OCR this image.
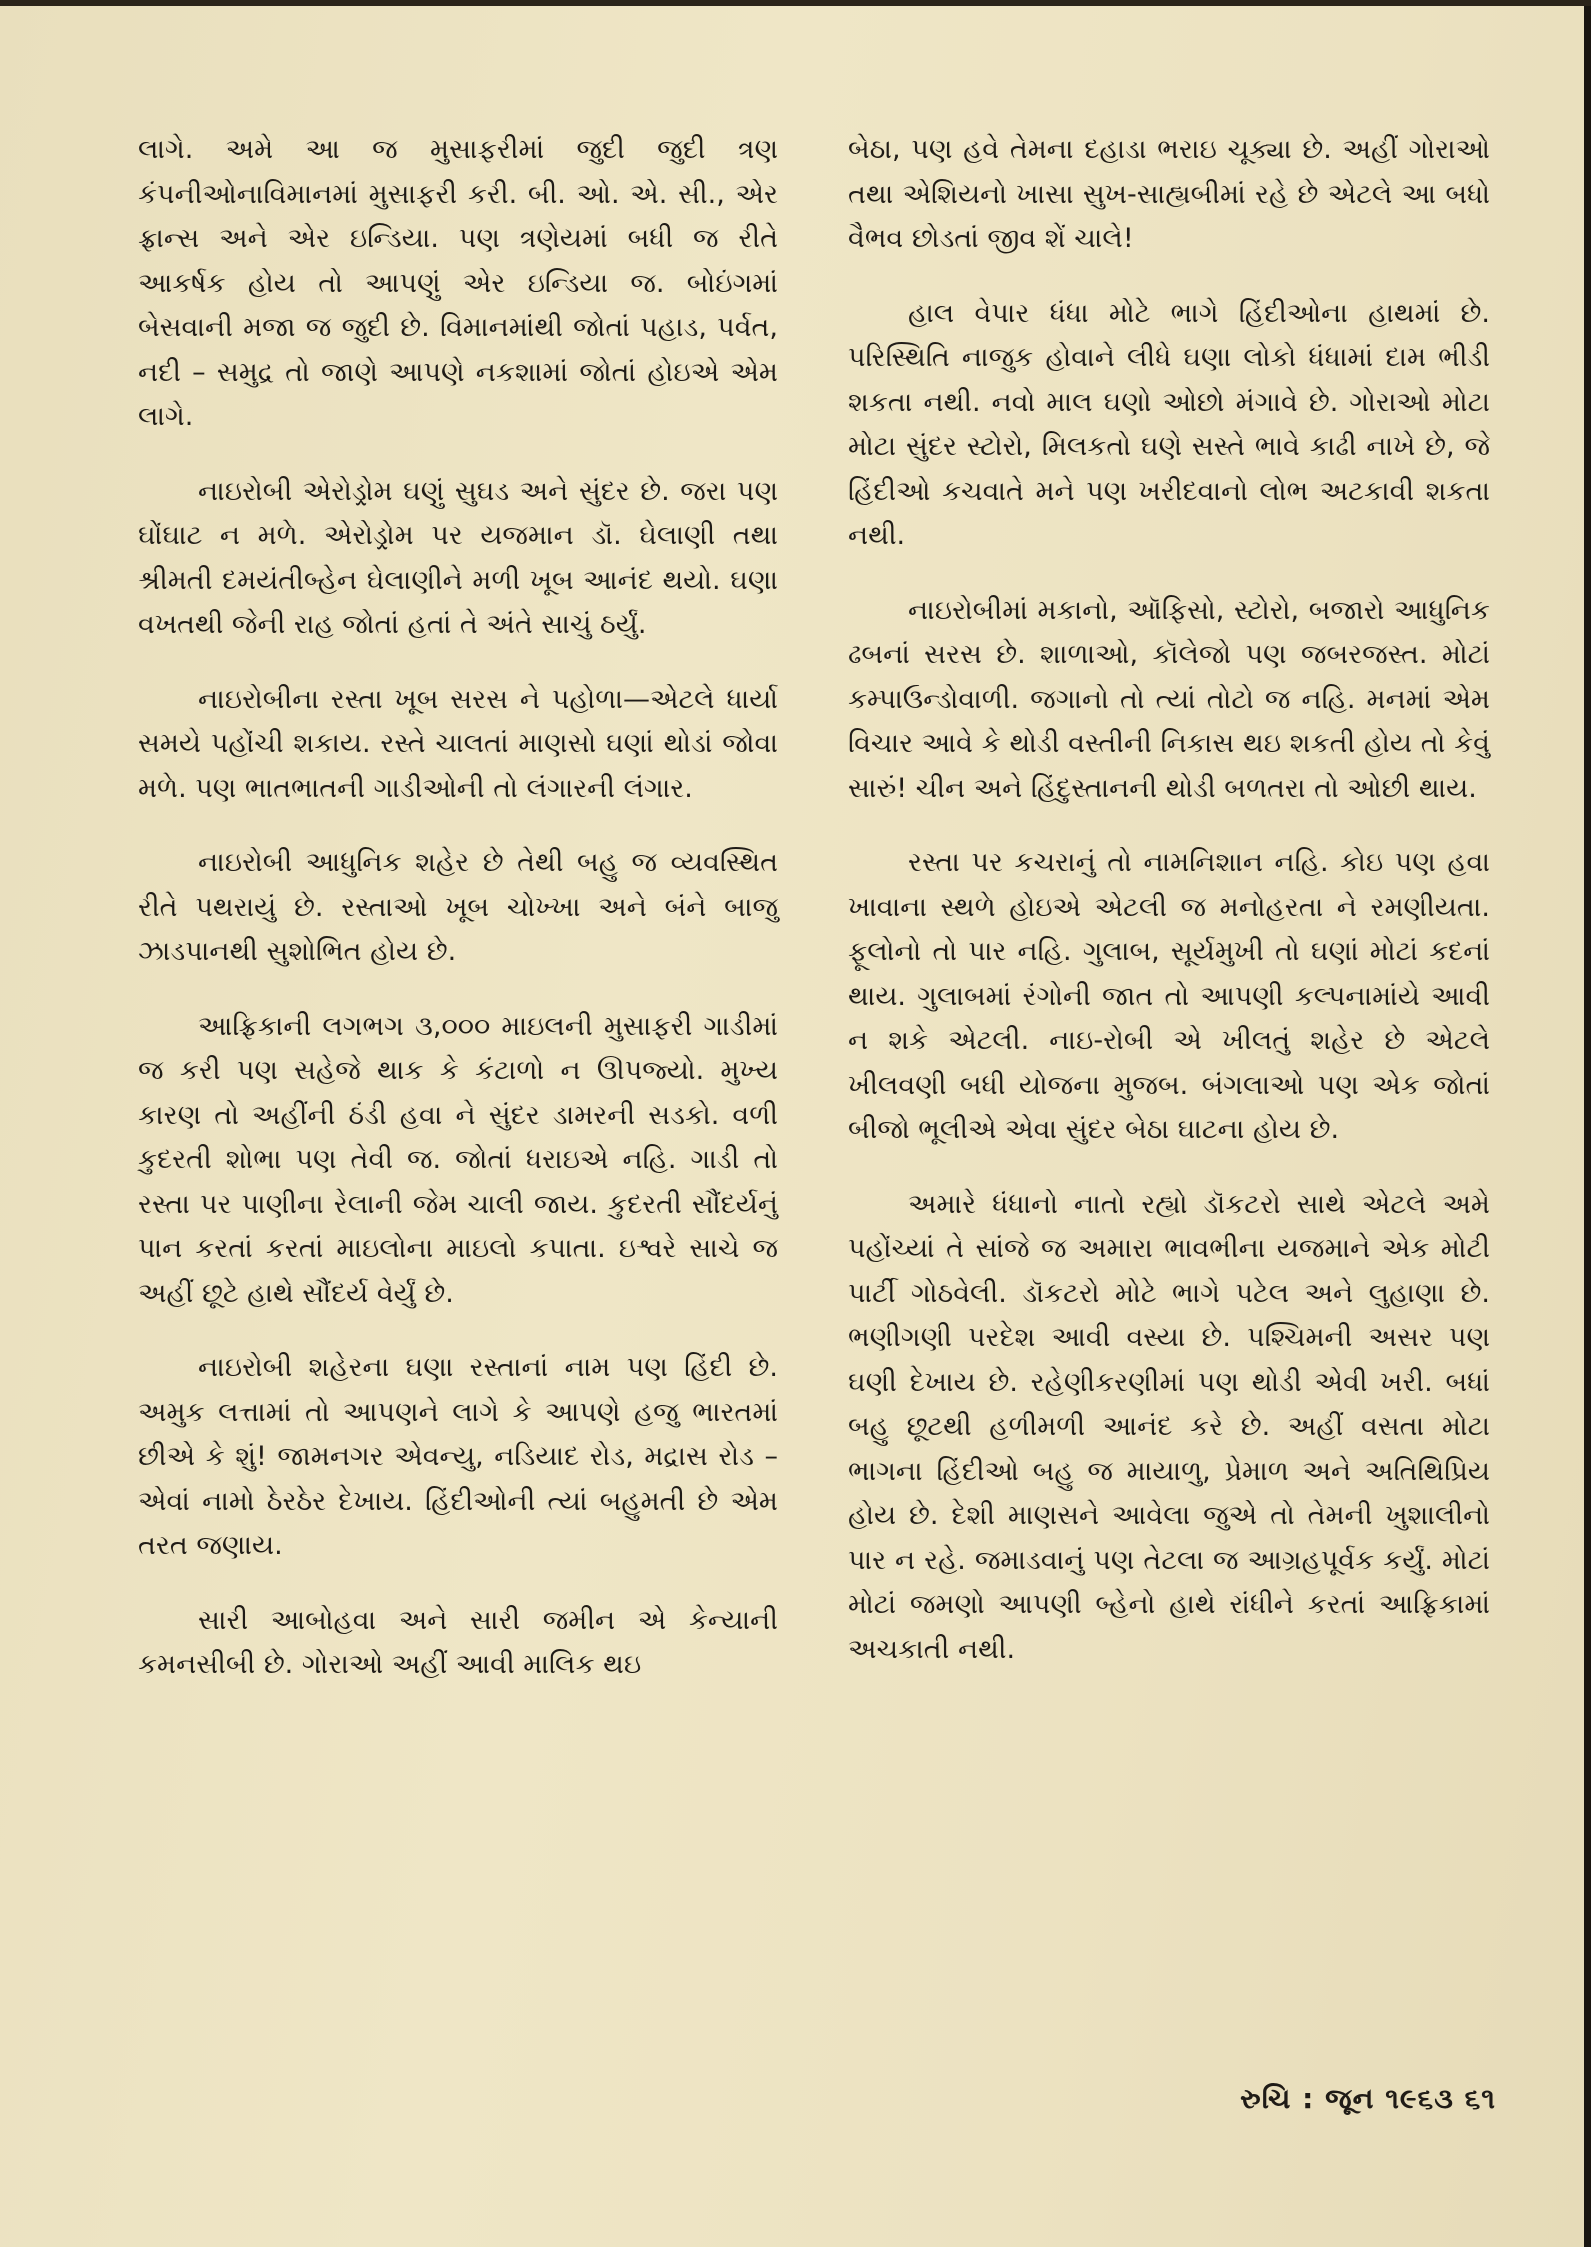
લાગે. અમે આ જ મુસાફરીમાં જુદી જુદી ત્રણ કંપનીઓનાવિમાનમાં મુસાફરી કરી. બી. ઓ. એ. સી., એર ફ્રાન્સ અને એર ઇન્ડિયા. પણ ત્રણેયમાં બધી જ રીતે આકર્ષક હોય તો આપણું એર ઇન્ડિયા જ. બોઇંગમાં બેસવાની મજા જ જુદી છે. વિમાનમાંથી જોતાં પહાડ, પર્વત, નદી – સમુદ્ર તો જાણે આપણે નકશામાં જોતાં હોઇએ એમ લાગે.

નાઇરોબી એરોડ્રોમ ઘણું સુઘડ અને સુંદર છે. જરા પણ ઘોંઘાટ ન મળે. એરોડ્રોમ પર યજમાન ડૉ. ઘેલાણી તથા શ્રીમતી દમયંતીબ્હેન ઘેલાણીને મળી ખૂબ આનંદ થયો. ઘણા વખતથી જેની રાહ જોતાં હતાં તે અંતે સાચું ઠર્યું.

નાઇરોબીના રસ્તા ખૂબ સરસ ને પહોળા—એટલે ધાર્યા સમયે પહોંચી શકાય. રસ્તે ચાલતાં માણસો ઘણાં થોડાં જોવા મળે. પણ ભાતભાતની ગાડીઓની તો લંગારની લંગાર.

નાઇરોબી આધુનિક શહેર છે તેથી બહુ જ વ્યવસ્થિત રીતે પથરાયું છે. રસ્તાઓ ખૂબ ચોખ્ખા અને બંને બાજુ ઝાડપાનથી સુશોભિત હોય છે.

આફ્રિકાની લગભગ ૩,૦૦૦ માઇલની મુસાફરી ગાડીમાં જ કરી પણ સહેજે થાક કે કંટાળો ન ઊપજ્યો. મુખ્ય કારણ તો અહીંની ઠંડી હવા ને સુંદર ડામરની સડકો. વળી કુદરતી શોભા પણ તેવી જ. જોતાં ધરાઇએ નહિ. ગાડી તો રસ્તા પર પાણીના રેલાની જેમ ચાલી જાય. કુદરતી સૌંદર્યનું પાન કરતાં કરતાં માઇલોના માઇલો કપાતા. ઇશ્વરે સાચે જ અહીં છૂટે હાથે સૌંદર્ય વેર્યું છે.

નાઇરોબી શહેરના ઘણા રસ્તાનાં નામ પણ હિંદી છે. અમુક લત્તામાં તો આપણને લાગે કે આપણે હજુ ભારતમાં છીએ કે શું! જામનગર એવન્યુ, નડિયાદ રોડ, મદ્રાસ રોડ – એવાં નામો ઠેરઠેર દેખાય. હિંદીઓની ત્યાં બહુમતી છે એમ તરત જણાય.

સારી આબોહવા અને સારી જમીન એ કેન્યાની કમનસીબી છે. ગોરાઓ અહીં આવી માલિક થઇ

બેઠા, પણ હવે તેમના દહાડા ભરાઇ ચૂક્યા છે. અહીં ગોરાઓ તથા એશિયનો ખાસા સુખ-સાહ્યબીમાં રહે છે એટલે આ બધો વૈભવ છોડતાં જીવ શેં ચાલે!

હાલ વેપાર ધંધા મોટે ભાગે હિંદીઓના હાથમાં છે. પરિસ્થિતિ નાજુક હોવાને લીધે ઘણા લોકો ધંધામાં દામ ભીડી શકતા નથી. નવો માલ ઘણો ઓછો મંગાવે છે. ગોરાઓ મોટા મોટા સુંદર સ્ટોરો, મિલકતો ઘણે સસ્તે ભાવે કાઢી નાખે છે, જે હિંદીઓ કચવાતે મને પણ ખરીદવાનો લોભ અટકાવી શકતા નથી.

નાઇરોબીમાં મકાનો, ઑફિસો, સ્ટોરો, બજારો આધુનિક ઢબનાં સરસ છે. શાળાઓ, કૉલેજો પણ જબરજસ્ત. મોટાં કમ્પાઉન્ડોવાળી. જગાનો તો ત્યાં તોટો જ નહિ. મનમાં એમ વિચાર આવે કે થોડી વસ્તીની નિકાસ થઇ શકતી હોય તો કેવું સારું! ચીન અને હિંદુસ્તાનની થોડી બળતરા તો ઓછી થાય.

રસ્તા પર કચરાનું તો નામનિશાન નહિ. કોઇ પણ હવા ખાવાના સ્થળે હોઇએ એટલી જ મનોહરતા ને રમણીયતા. ફૂલોનો તો પાર નહિ. ગુલાબ, સૂર્યમુખી તો ઘણાં મોટાં કદનાં થાય. ગુલાબમાં રંગોની જાત તો આપણી કલ્પનામાંયે આવી ન શકે એટલી. નાઇ-રોબી એ ખીલતું શહેર છે એટલે ખીલવણી બધી યોજના મુજબ. બંગલાઓ પણ એક જોતાં બીજો ભૂલીએ એવા સુંદર બેઠા ઘાટના હોય છે.

અમારે ધંધાનો નાતો રહ્યો ડૉકટરો સાથે એટલે અમે પહોંચ્યાં તે સાંજે જ અમારા ભાવભીના યજમાને એક મોટી પાર્ટી ગોઠવેલી. ડૉકટરો મોટે ભાગે પટેલ અને લુહાણા છે. ભણીગણી પરદેશ આવી વસ્યા છે. પશ્ચિમની અસર પણ ઘણી દેખાય છે. રહેણીકરણીમાં પણ થોડી એવી ખરી. બધાં બહુ છૂટથી હળીમળી આનંદ કરે છે. અહીં વસતા મોટા ભાગના હિંદીઓ બહુ જ માયાળુ, પ્રેમાળ અને અતિથિપ્રિય હોય છે. દેશી માણસને આવેલા જુએ તો તેમની ખુશાલીનો પાર ન રહે. જમાડવાનું પણ તેટલા જ આગ્રહપૂર્વક કર્યું. મોટાં મોટાં જમણો આપણી બ્હેનો હાથે રાંધીને કરતાં આફ્રિકામાં અચકાતી નથી.

રુચિ : જૂન ૧૯૬૩ ૬૧
